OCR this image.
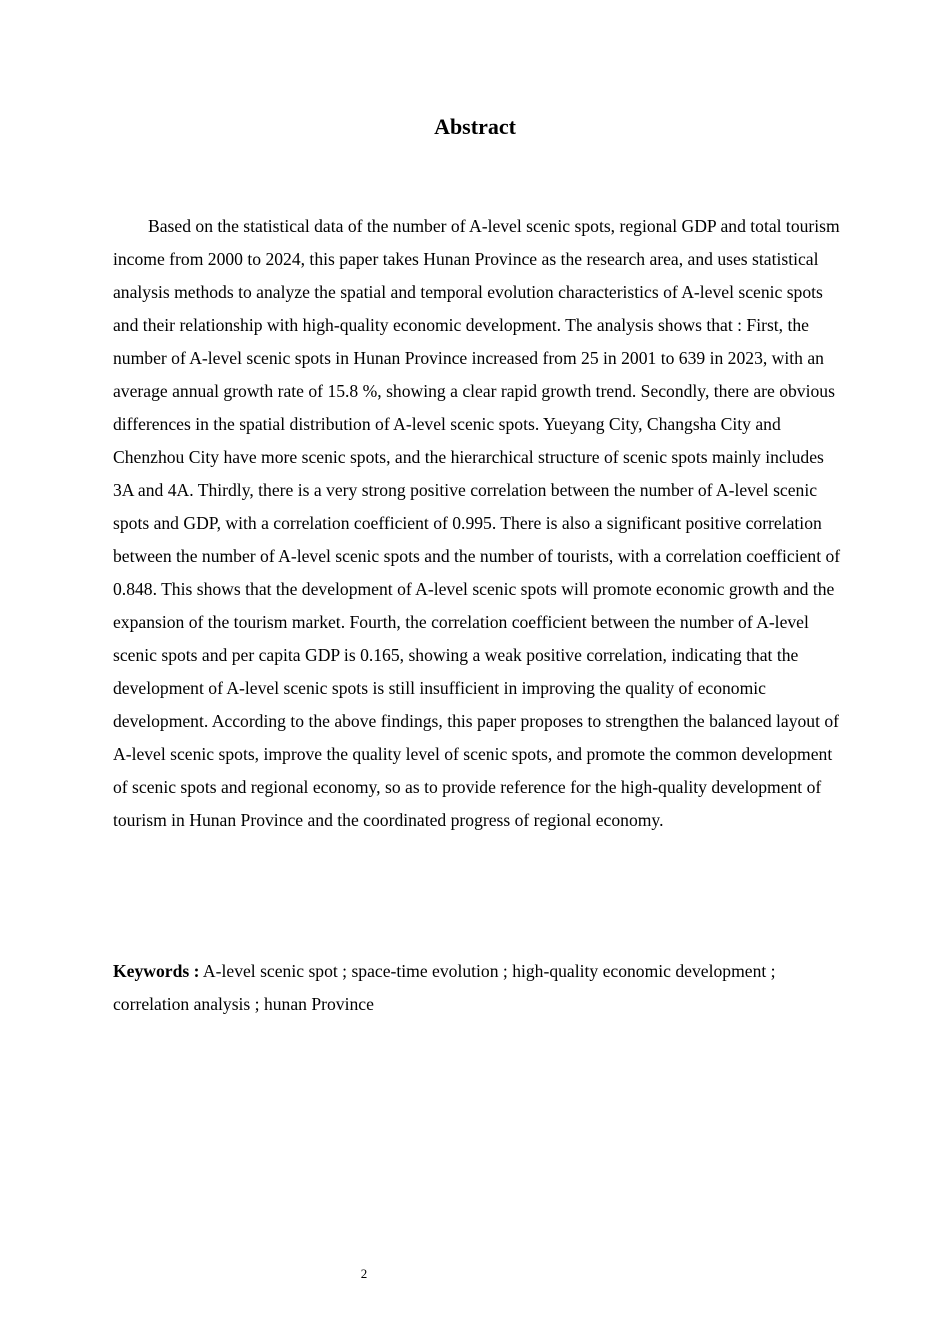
Abstract

Based on the statistical data of the number of A-level scenic spots, regional GDP and total tourism income from 2000 to 2024, this paper takes Hunan Province as the research area, and uses statistical analysis methods to analyze the spatial and temporal evolution characteristics of A-level scenic spots and their relationship with high-quality economic development. The analysis shows that : First, the number of A-level scenic spots in Hunan Province increased from 25 in 2001 to 639 in 2023, with an average annual growth rate of 15.8 %, showing a clear rapid growth trend. Secondly, there are obvious differences in the spatial distribution of A-level scenic spots. Yueyang City, Changsha City and Chenzhou City have more scenic spots, and the hierarchical structure of scenic spots mainly includes 3A and 4A. Thirdly, there is a very strong positive correlation between the number of A-level scenic spots and GDP, with a correlation coefficient of 0.995. There is also a significant positive correlation between the number of A-level scenic spots and the number of tourists, with a correlation coefficient of 0.848. This shows that the development of A-level scenic spots will promote economic growth and the expansion of the tourism market. Fourth, the correlation coefficient between the number of A-level scenic spots and per capita GDP is 0.165, showing a weak positive correlation, indicating that the development of A-level scenic spots is still insufficient in improving the quality of economic development. According to the above findings, this paper proposes to strengthen the balanced layout of A-level scenic spots, improve the quality level of scenic spots, and promote the common development of scenic spots and regional economy, so as to provide reference for the high-quality development of tourism in Hunan Province and the coordinated progress of regional economy.

Keywords : A-level scenic spot ; space-time evolution ; high-quality economic development ; correlation analysis ; hunan Province

2
